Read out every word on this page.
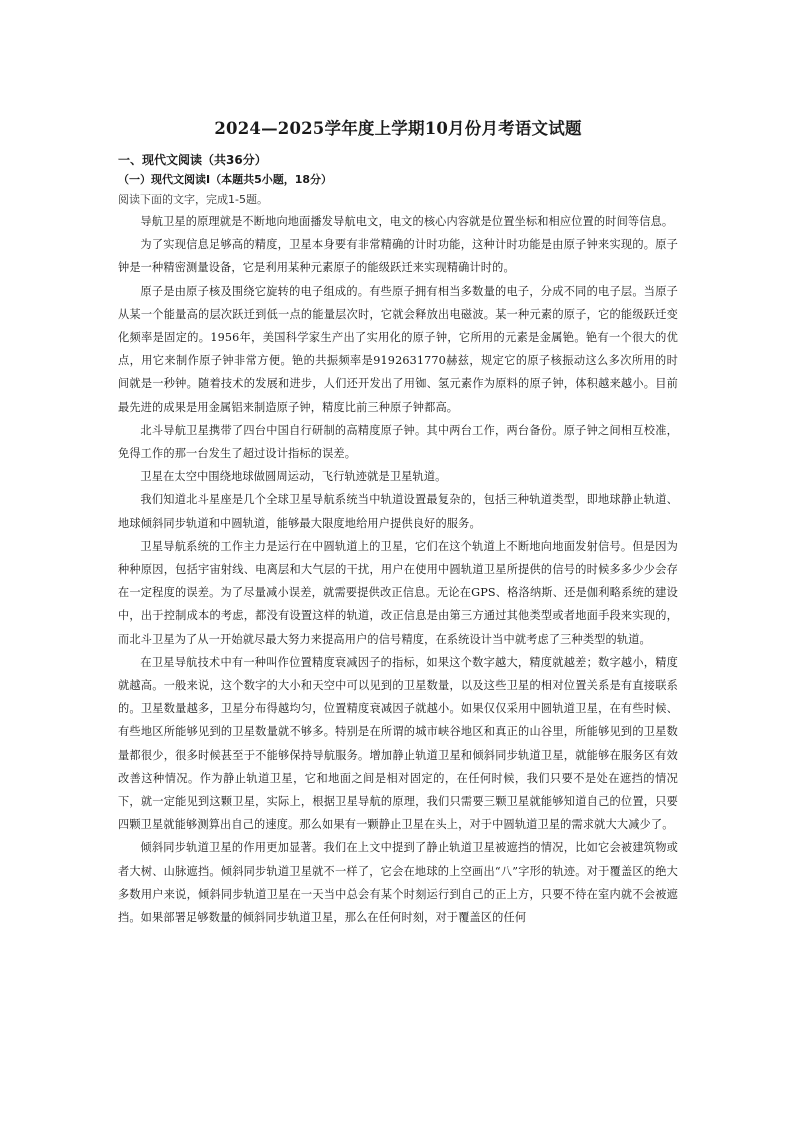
2024—2025学年度上学期10月份月考语文试题
一、现代文阅读（共36分）
（一）现代文阅读Ⅰ（本题共5小题，18分）
阅读下面的文字，完成1-5题。

导航卫星的原理就是不断地向地面播发导航电文，电文的核心内容就是位置坐标和相应位置的时间等信息。

为了实现信息足够高的精度，卫星本身要有非常精确的计时功能，这种计时功能是由原子钟来实现的。原子钟是一种精密测量设备，它是利用某种元素原子的能级跃迁来实现精确计时的。

原子是由原子核及围绕它旋转的电子组成的。有些原子拥有相当多数量的电子，分成不同的电子层。当原子从某一个能量高的层次跃迁到低一点的能量层次时，它就会释放出电磁波。某一种元素的原子，它的能级跃迁变化频率是固定的。1956年，美国科学家生产出了实用化的原子钟，它所用的元素是金属铯。铯有一个很大的优点，用它来制作原子钟非常方便。铯的共振频率是9192631770赫兹，规定它的原子核振动这么多次所用的时间就是一秒钟。随着技术的发展和进步，人们还开发出了用铷、氢元素作为原料的原子钟，体积越来越小。目前最先进的成果是用金属铝来制造原子钟，精度比前三种原子钟都高。

北斗导航卫星携带了四台中国自行研制的高精度原子钟。其中两台工作，两台备份。原子钟之间相互校准，免得工作的那一台发生了超过设计指标的误差。

卫星在太空中围绕地球做圆周运动，飞行轨迹就是卫星轨道。

我们知道北斗星座是几个全球卫星导航系统当中轨道设置最复杂的，包括三种轨道类型，即地球静止轨道、地球倾斜同步轨道和中圆轨道，能够最大限度地给用户提供良好的服务。

卫星导航系统的工作主力是运行在中圆轨道上的卫星，它们在这个轨道上不断地向地面发射信号。但是因为种种原因，包括宇宙射线、电离层和大气层的干扰，用户在使用中圆轨道卫星所提供的信号的时候多多少少会存在一定程度的误差。为了尽量减小误差，就需要提供改正信息。无论在GPS、格洛纳斯、还是伽利略系统的建设中，出于控制成本的考虑，都没有设置这样的轨道，改正信息是由第三方通过其他类型或者地面手段来实现的，而北斗卫星为了从一开始就尽最大努力来提高用户的信号精度，在系统设计当中就考虑了三种类型的轨道。

在卫星导航技术中有一种叫作位置精度衰减因子的指标，如果这个数字越大，精度就越差；数字越小，精度就越高。一般来说，这个数字的大小和天空中可以见到的卫星数量，以及这些卫星的相对位置关系是有直接联系的。卫星数量越多，卫星分布得越均匀，位置精度衰减因子就越小。如果仅仅采用中圆轨道卫星，在有些时候、有些地区所能够见到的卫星数量就不够多。特别是在所谓的城市峡谷地区和真正的山谷里，所能够见到的卫星数量都很少，很多时候甚至于不能够保持导航服务。增加静止轨道卫星和倾斜同步轨道卫星，就能够在服务区有效改善这种情况。作为静止轨道卫星，它和地面之间是相对固定的，在任何时候，我们只要不是处在遮挡的情况下，就一定能见到这颗卫星，实际上，根据卫星导航的原理，我们只需要三颗卫星就能够知道自己的位置，只要四颗卫星就能够测算出自己的速度。那么如果有一颗静止卫星在头上，对于中圆轨道卫星的需求就大大减少了。

倾斜同步轨道卫星的作用更加显著。我们在上文中提到了静止轨道卫星被遮挡的情况，比如它会被建筑物或者大树、山脉遮挡。倾斜同步轨道卫星就不一样了，它会在地球的上空画出“八”字形的轨迹。对于覆盖区的绝大多数用户来说，倾斜同步轨道卫星在一天当中总会有某个时刻运行到自己的正上方，只要不待在室内就不会被遮挡。如果部署足够数量的倾斜同步轨道卫星，那么在任何时刻，对于覆盖区的任何
